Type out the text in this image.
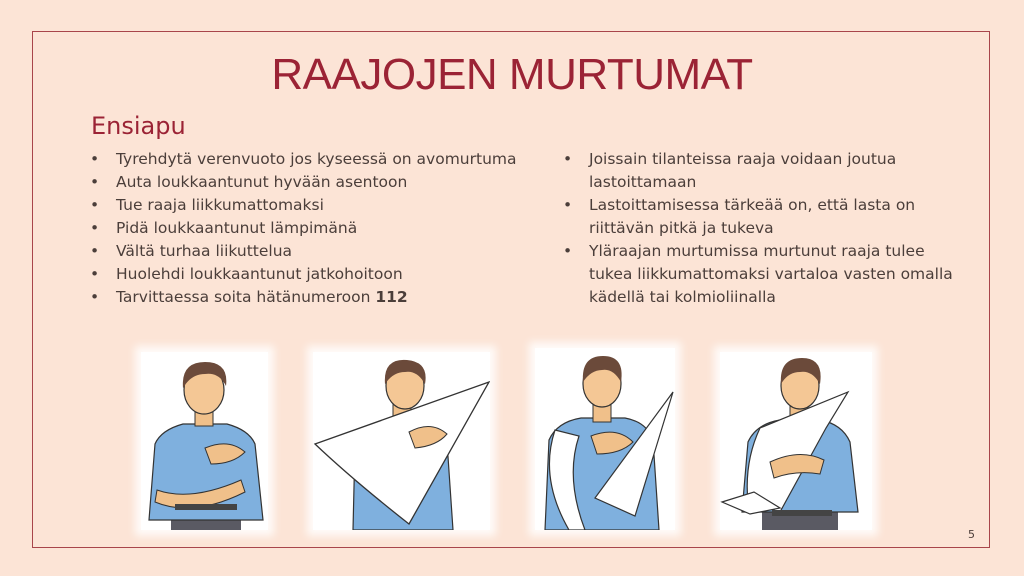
RAAJOJEN MURTUMAT
Ensiapu
• Tyrehdytä verenvuoto jos kyseessä on avomurtuma
• Auta loukkaantunut hyvään asentoon
• Tue raaja liikkumattomaksi
• Pidä loukkaantunut lämpimänä
• Vältä turhaa liikuttelua
• Huolehdi loukkaantunut jatkohoitoon
• Tarvittaessa soita hätänumeroon 112
• Joissain tilanteissa raaja voidaan joutua lastoittamaan
• Lastoittamisessa tärkeää on, että lasta on riittävän pitkä ja tukeva
• Yläraajan murtumissa murtunut raaja tulee tukea liikkumattomaksi vartaloa vasten omalla kädellä tai kolmioliinalla
5
